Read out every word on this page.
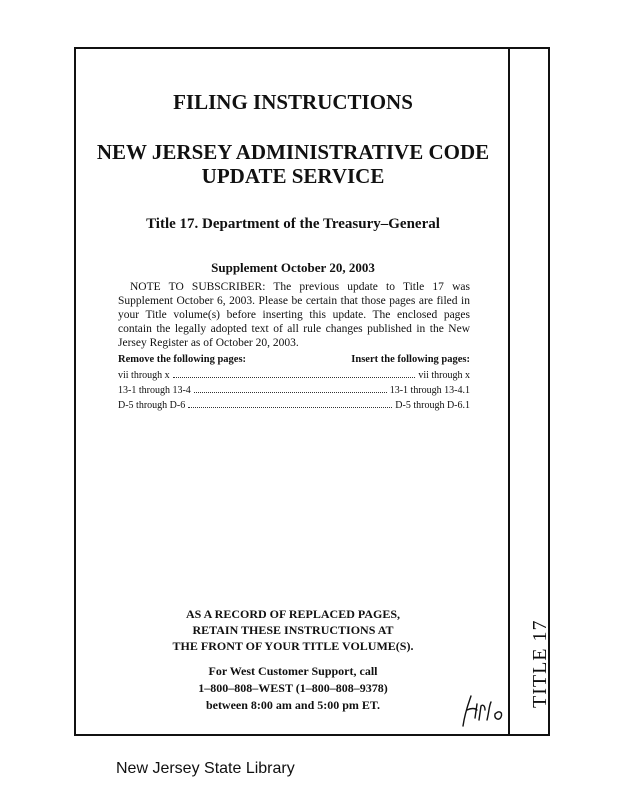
TITLE 17
FILING INSTRUCTIONS
NEW JERSEY ADMINISTRATIVE CODE
UPDATE SERVICE
Title 17. Department of the Treasury–General
Supplement October 20, 2003
NOTE TO SUBSCRIBER: The previous update to Title 17 was Supplement October 6, 2003. Please be certain that those pages are filed in your Title volume(s) before inserting this update. The enclosed pages contain the legally adopted text of all rule changes published in the New Jersey Register as of October 20, 2003.
Remove the following pages:	Insert the following pages:
vii through x	vii through x
13-1 through 13-4	13-1 through 13-4.1
D-5 through D-6	D-5 through D-6.1
AS A RECORD OF REPLACED PAGES,
RETAIN THESE INSTRUCTIONS AT
THE FRONT OF YOUR TITLE VOLUME(S).
For West Customer Support, call
1–800–808–WEST (1–800–808–9378)
between 8:00 am and 5:00 pm ET.
New Jersey State Library
